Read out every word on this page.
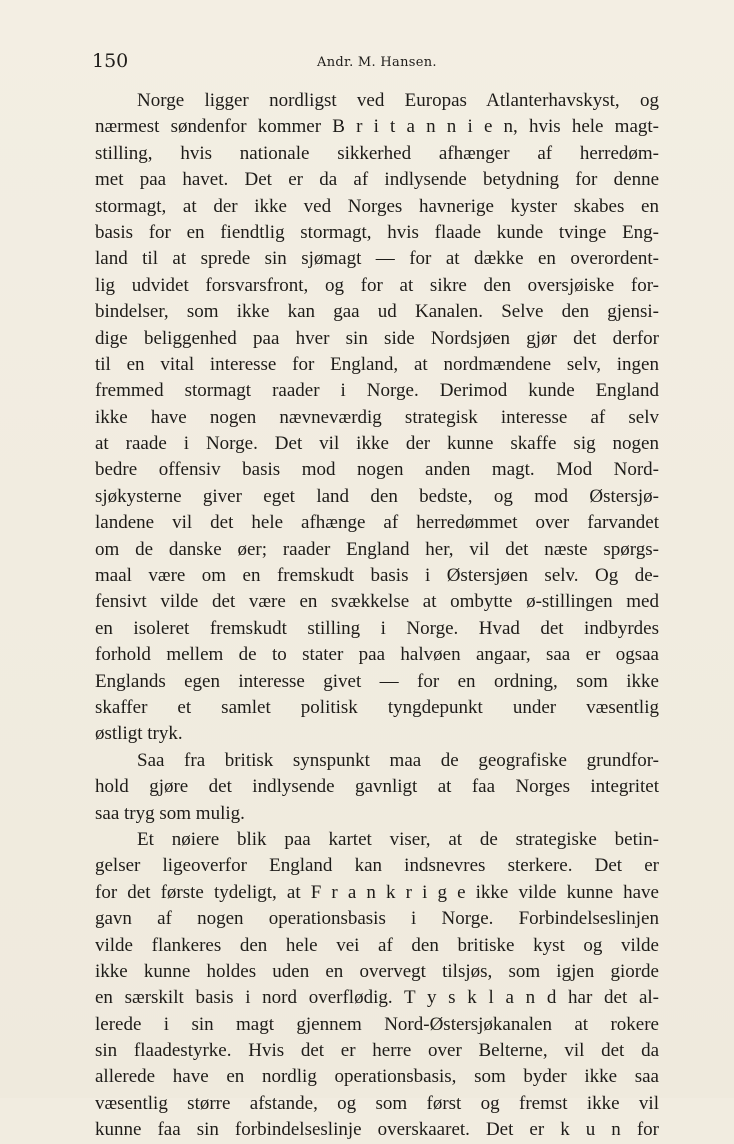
150	Andr. M. Hansen.
Norge ligger nordligst ved Europas Atlanterhavskyst, og
nærmest søndenfor kommer B r i t a n n i e n, hvis hele magt-
stilling, hvis nationale sikkerhed afhænger af herredøm-
met paa havet. Det er da af indlysende betydning for denne
stormagt, at der ikke ved Norges havnerige kyster skabes en
basis for en fiendtlig stormagt, hvis flaade kunde tvinge Eng-
land til at sprede sin sjømagt — for at dække en overordent-
lig udvidet forsvarsfront, og for at sikre den oversjøiske for-
bindelser, som ikke kan gaa ud Kanalen. Selve den gjensi-
dige beliggenhed paa hver sin side Nordsjøen gjør det derfor
til en vital interesse for England, at nordmændene selv, ingen
fremmed stormagt raader i Norge. Derimod kunde England
ikke have nogen nævneværdig strategisk interesse af selv
at raade i Norge. Det vil ikke der kunne skaffe sig nogen
bedre offensiv basis mod nogen anden magt. Mod Nord-
sjøkysterne giver eget land den bedste, og mod Østersjø-
landene vil det hele afhænge af herredømmet over farvandet
om de danske øer; raader England her, vil det næste spørgs-
maal være om en fremskudt basis i Østersjøen selv. Og de-
fensivt vilde det være en svækkelse at ombytte ø-stillingen med
en isoleret fremskudt stilling i Norge. Hvad det indbyrdes
forhold mellem de to stater paa halvøen angaar, saa er ogsaa
Englands egen interesse givet — for en ordning, som ikke
skaffer et samlet politisk tyngdepunkt under væsentlig
østligt tryk.
Saa fra britisk synspunkt maa de geografiske grundfor-
hold gjøre det indlysende gavnligt at faa Norges integritet
saa tryg som mulig.
Et nøiere blik paa kartet viser, at de strategiske betin-
gelser ligeoverfor England kan indsnevres sterkere. Det er
for det første tydeligt, at F r a n k r i g e ikke vilde kunne have
gavn af nogen operationsbasis i Norge. Forbindelseslinjen
vilde flankeres den hele vei af den britiske kyst og vilde
ikke kunne holdes uden en overvegt tilsjøs, som igjen giorde
en særskilt basis i nord overflødig. T y s k l a n d har det al-
lerede i sin magt gjennem Nord-Østersjøkanalen at rokere
sin flaadestyrke. Hvis det er herre over Belterne, vil det da
allerede have en nordlig operationsbasis, som byder ikke saa
væsentlig større afstande, og som først og fremst ikke vil
kunne faa sin forbindelseslinje overskaaret. Det er k u n for
